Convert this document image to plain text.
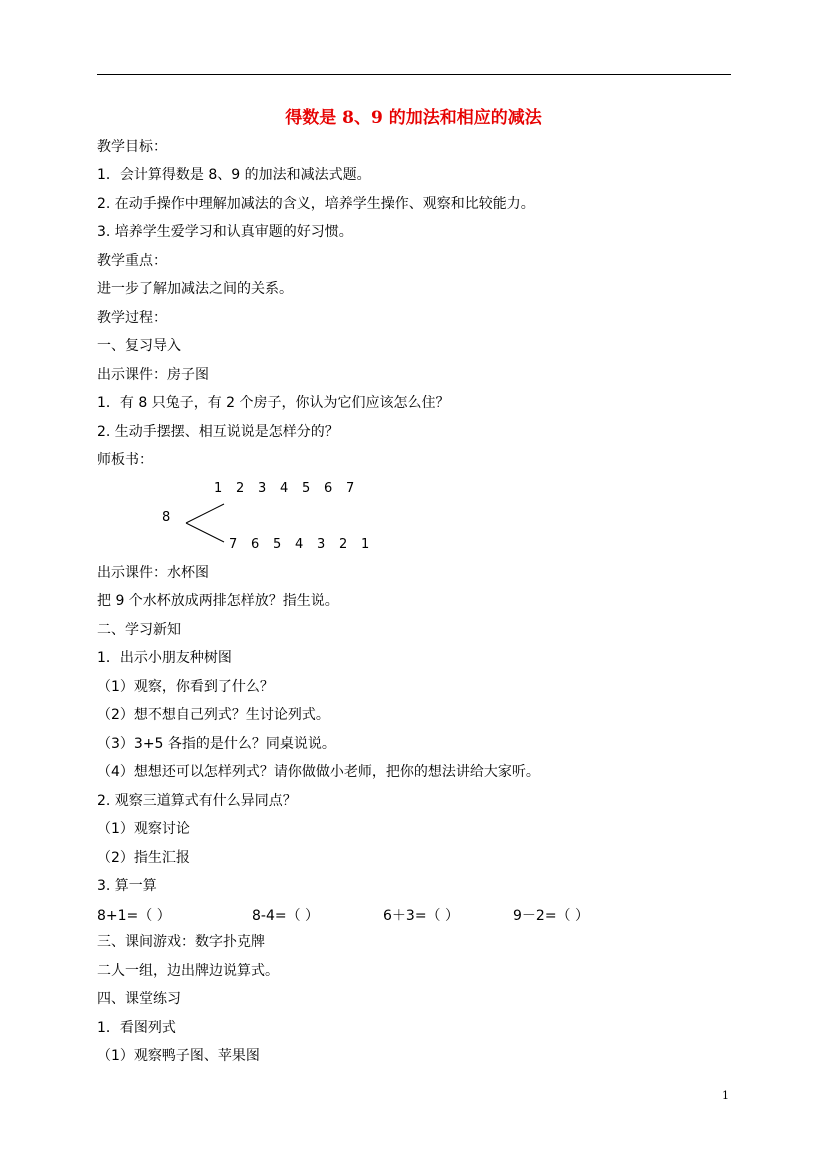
得数是 8、9 的加法和相应的减法
教学目标：
1．会计算得数是 8、9 的加法和减法式题。
2. 在动手操作中理解加减法的含义，培养学生操作、观察和比较能力。
3. 培养学生爱学习和认真审题的好习惯。
教学重点：
进一步了解加减法之间的关系。
教学过程：
一、复习导入
出示课件：房子图
1．有 8 只兔子，有 2 个房子，你认为它们应该怎么住？
2. 生动手摆摆、相互说说是怎样分的？
师板书：
1 2 3 4 5 6 7
8
7 6 5 4 3 2 1
出示课件：水杯图
把 9 个水杯放成两排怎样放？指生说。
二、学习新知
1．出示小朋友种树图
（1）观察，你看到了什么？
（2）想不想自己列式？生讨论列式。
（3）3+5 各指的是什么？同桌说说。
（4）想想还可以怎样列式？请你做做小老师，把你的想法讲给大家听。
2. 观察三道算式有什么异同点？
（1）观察讨论
（2）指生汇报
3. 算一算
8+1=（ ）	8-4=（ ）	6＋3=（ ）	9－2=（ ）
三、课间游戏：数字扑克牌
二人一组，边出牌边说算式。
四、课堂练习
1．看图列式
（1）观察鸭子图、苹果图
1
